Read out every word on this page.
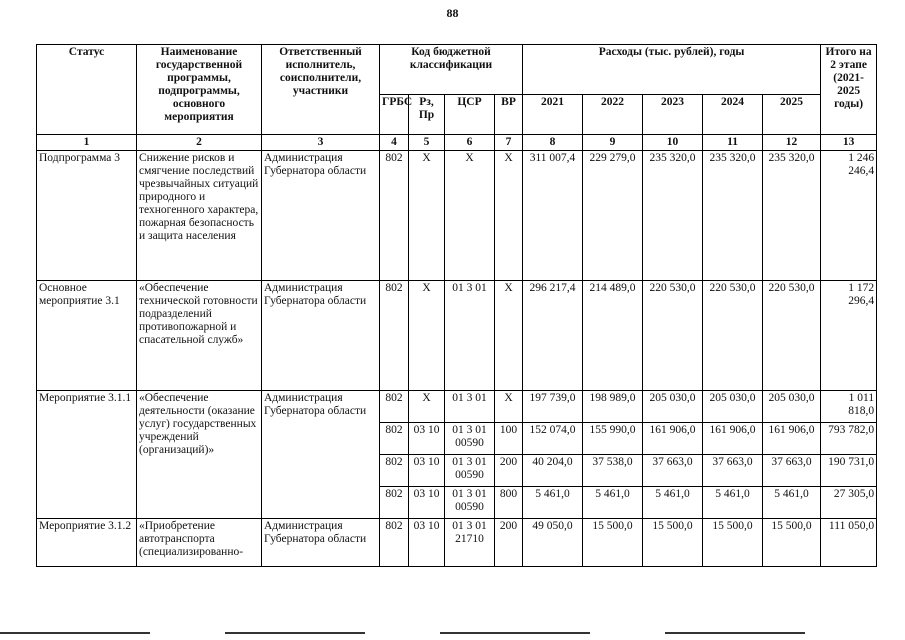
88
Статус	Наименование государственной программы, подпрограммы, основного мероприятия	Ответственный исполнитель, соисполнители, участники	Код бюджетной классификации				Расходы (тыс. рублей), годы					Итого на 2 этапе (2021-2025 годы)
			ГРБС	Рз, Пр	ЦСР	ВР	2021	2022	2023	2024	2025	
1	2	3	4	5	6	7	8	9	10	11	12	13
Подпрограмма 3	Снижение рисков и смягчение последствий чрезвычайных ситуаций природного и техногенного характера, пожарная безопасность и защита населения	Администрация Губернатора области	802	Х	Х	Х	311 007,4	229 279,0	235 320,0	235 320,0	235 320,0	1 246 246,4
Основное мероприятие 3.1	«Обеспечение технической готовности подразделений противопожарной и спасательной служб»	Администрация Губернатора области	802	Х	01 3 01	Х	296 217,4	214 489,0	220 530,0	220 530,0	220 530,0	1 172 296,4
Мероприятие 3.1.1	«Обеспечение деятельности (оказание услуг) государственных учреждений (организаций)»	Администрация Губернатора области	802	Х	01 3 01	Х	197 739,0	198 989,0	205 030,0	205 030,0	205 030,0	1 011 818,0
			802	03 10	01 3 01 00590	100	152 074,0	155 990,0	161 906,0	161 906,0	161 906,0	793 782,0
			802	03 10	01 3 01 00590	200	40 204,0	37 538,0	37 663,0	37 663,0	37 663,0	190 731,0
			802	03 10	01 3 01 00590	800	5 461,0	5 461,0	5 461,0	5 461,0	5 461,0	27 305,0
Мероприятие 3.1.2	«Приобретение автотранспорта (специализированно-	Администрация Губернатора области	802	03 10	01 3 01 21710	200	49 050,0	15 500,0	15 500,0	15 500,0	15 500,0	111 050,0
